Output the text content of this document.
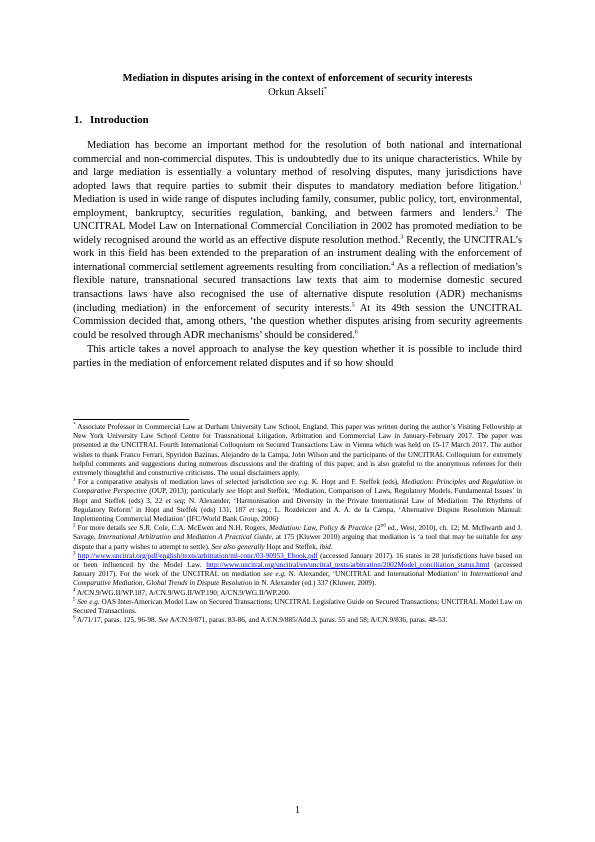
Mediation in disputes arising in the context of enforcement of security interests
Orkun Akseli*
1. Introduction

Mediation has become an important method for the resolution of both national and international commercial and non-commercial disputes. This is undoubtedly due to its unique characteristics. While by and large mediation is essentially a voluntary method of resolving disputes, many jurisdictions have adopted laws that require parties to submit their disputes to mandatory mediation before litigation.$^1$ Mediation is used in wide range of disputes including family, consumer, public policy, tort, environmental, employment, bankruptcy, securities regulation, banking, and between farmers and lenders.$^2$ The UNCITRAL Model Law on International Commercial Conciliation in 2002 has promoted mediation to be widely recognised around the world as an effective dispute resolution method.$^3$ Recently, the UNCITRAL’s work in this field has been extended to the preparation of an instrument dealing with the enforcement of international commercial settlement agreements resulting from conciliation.$^4$ As a reflection of mediation’s flexible nature, transnational secured transactions law texts that aim to modernise domestic secured transactions laws have also recognised the use of alternative dispute resolution (ADR) mechanisms (including mediation) in the enforcement of security interests.$^5$ At its 49th session the UNCITRAL Commission decided that, among others, ‘the question whether disputes arising from security agreements could be resolved through ADR mechanisms’ should be considered.$^6$

This article takes a novel approach to analyse the key question whether it is possible to include third parties in the mediation of enforcement related disputes and if so how should

* Associate Professor in Commercial Law at Durham University Law School, England. This paper was written during the author’s Visiting Fellowship at New York University Law School Centre for Transnational Litigation, Arbitration and Commercial Law in January-February 2017. The paper was presented at the UNCITRAL Fourth International Colloquium on Secured Transactions Law in Vienna which was held on 15-17 March 2017. The author wishes to thank Franco Ferrari, Spyridon Bazinas, Alejandro de la Campa, John Wilson and the participants of the UNCITRAL Colloquium for extremely helpful comments and suggestions during numerous discussions and the drafting of this paper, and is also grateful to the anonymous referees for their extremely thoughtful and constructive criticisms. The usual disclaimers apply.

$^1$ For a comparative analysis of mediation laws of selected jurisdiction see e.g. K. Hopt and F. Steffek (eds), Mediation: Principles and Regulation in Comparative Perspective (OUP, 2013); particularly see Hopt and Steffek, ‘Mediation, Comparison of Laws, Regulatory Models, Fundamental Issues’ in Hopt and Steffek (eds) 3, 22 et seq; N. Alexander, ‘Harmonisation and Diversity in the Private International Law of Mediation: The Rhythms of Regulatory Reform’ in Hopt and Steffek (eds) 131, 187 et seq.; L. Rozdeiczer and A. A. de la Campa, ‘Alternative Dispute Resolution Manual: Implementing Commercial Mediation’ (IFC/World Bank Group, 2006)

$^2$ For more details see S.R. Cole, C.A. McEwen and N.H. Rogers, Mediation: Law, Policy & Practice (2nd ed., West, 2010), ch. 12; M. McIlwarth and J. Savage, International Arbitration and Mediation A Practical Guide, at 175 (Kluwer 2010) arguing that mediation is ‘a tool that may be suitable for any dispute that a party wishes to attempt to settle). See also generally Hopt and Steffek, ibid.

$^3$ http://www.uncitral.org/pdf/english/texts/arbitration/ml-conc/03-90953_Ebook.pdf (accessed January 2017). 16 states in 28 jurisdictions have based on or been influenced by the Model Law. http://www.uncitral.org/uncitral/en/uncitral_texts/arbitration/2002Model_conciliation_status.html (accessed January 2017). For the work of the UNCITRAL on mediation see e.g. N. Alexander, ‘UNCITRAL and International Mediation’ in International and Comparative Mediation, Global Trends in Dispute Resolution in N. Alexander (ed.) 337 (Kluwer, 2009).

$^4$ A/CN.9/WG.II/WP.187; A/CN.9/WG.II/WP.190; A/CN.9/WG.II/WP.200.

$^5$ See e.g. OAS Inter-American Model Law on Secured Transactions; UNCITRAL Legislative Guide on Secured Transactions; UNCITRAL Model Law on Secured Transactions.

$^6$ A/71/17, paras. 125, 96-98. See A/CN.9/871, paras. 83-86, and A.CN.9/885/Add.3, paras. 55 and 58; A/CN.9/836, paras. 48-53.

1
